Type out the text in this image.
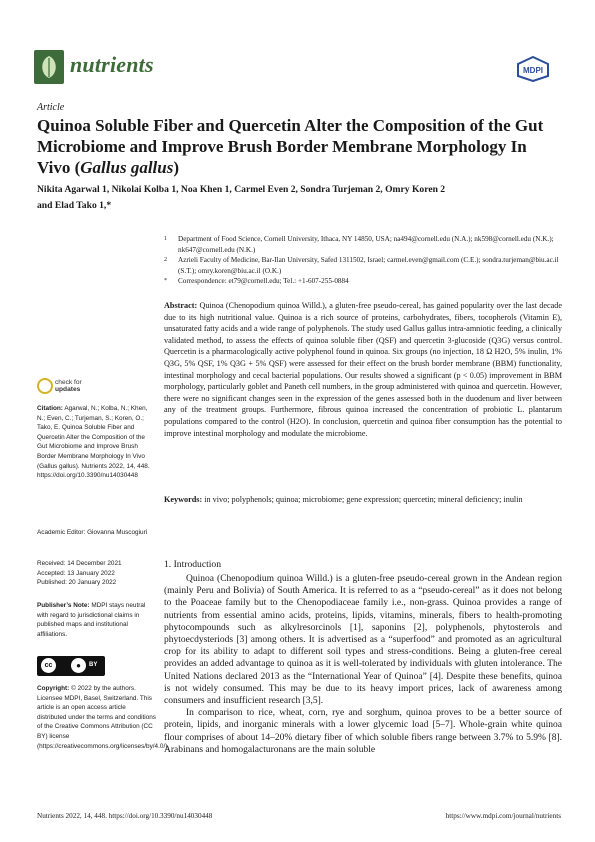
nutrients	MDPI
Article
Quinoa Soluble Fiber and Quercetin Alter the Composition of the Gut Microbiome and Improve Brush Border Membrane Morphology In Vivo (Gallus gallus)
Nikita Agarwal 1, Nikolai Kolba 1, Noa Khen 1, Carmel Even 2, Sondra Turjeman 2, Omry Koren 2
and Elad Tako 1,*
1 Department of Food Science, Cornell University, Ithaca, NY 14850, USA; na494@cornell.edu (N.A.); nk598@cornell.edu (N.K.); nk647@cornell.edu (N.K.)
2 Azrieli Faculty of Medicine, Bar-Ilan University, Safed 1311502, Israel; carmel.even@gmail.com (C.E.); sondra.turjeman@biu.ac.il (S.T.); omry.koren@biu.ac.il (O.K.)
* Correspondence: et79@cornell.edu; Tel.: +1-607-255-0884
Abstract: Quinoa (Chenopodium quinoa Willd.), a gluten-free pseudo-cereal, has gained popularity over the last decade due to its high nutritional value. Quinoa is a rich source of proteins, carbohydrates, fibers, tocopherols (Vitamin E), unsaturated fatty acids and a wide range of polyphenols. The study used Gallus gallus intra-amniotic feeding, a clinically validated method, to assess the effects of quinoa soluble fiber (QSF) and quercetin 3-glucoside (Q3G) versus control. Quercetin is a pharmacologically active polyphenol found in quinoa. Six groups (no injection, 18 Ω H2O, 5% inulin, 1% Q3G, 5% QSF, 1% Q3G + 5% QSF) were assessed for their effect on the brush border membrane (BBM) functionality, intestinal morphology and cecal bacterial populations. Our results showed a significant (p < 0.05) improvement in BBM morphology, particularly goblet and Paneth cell numbers, in the group administered with quinoa and quercetin. However, there were no significant changes seen in the expression of the genes assessed both in the duodenum and liver between any of the treatment groups. Furthermore, fibrous quinoa increased the concentration of probiotic L. plantarum populations compared to the control (H2O). In conclusion, quercetin and quinoa fiber consumption has the potential to improve intestinal morphology and modulate the microbiome.
Keywords: in vivo; polyphenols; quinoa; microbiome; gene expression; quercetin; mineral deficiency; inulin
check for
updates
Citation: Agarwal, N.; Kolba, N.; Khen, N.; Even, C.; Turjeman, S.; Koren, O.; Tako, E. Quinoa Soluble Fiber and Quercetin Alter the Composition of the Gut Microbiome and Improve Brush Border Membrane Morphology In Vivo (Gallus gallus). Nutrients 2022, 14, 448. https://doi.org/10.3390/nu14030448
Academic Editor: Giovanna Muscogiuri
Received: 14 December 2021
Accepted: 13 January 2022
Published: 20 January 2022
Publisher’s Note: MDPI stays neutral with regard to jurisdictional claims in published maps and institutional affiliations.
cc	●	BY
Copyright: © 2022 by the authors. Licensee MDPI, Basel, Switzerland. This article is an open access article distributed under the terms and conditions of the Creative Commons Attribution (CC BY) license (https://creativecommons.org/licenses/by/4.0/).
1. Introduction

Quinoa (Chenopodium quinoa Willd.) is a gluten-free pseudo-cereal grown in the Andean region (mainly Peru and Bolivia) of South America. It is referred to as a “pseudo-cereal” as it does not belong to the Poaceae family but to the Chenopodiaceae family i.e., non-grass. Quinoa provides a range of nutrients from essential amino acids, proteins, lipids, vitamins, minerals, fibers to health-promoting phytocompounds such as alkylresorcinols [1], saponins [2], polyphenols, phytosterols and phytoecdysteriods [3] among others. It is advertised as a “superfood” and promoted as an agricultural crop for its ability to adapt to different soil types and stress-conditions. Being a gluten-free cereal provides an added advantage to quinoa as it is well-tolerated by individuals with gluten intolerance. The United Nations declared 2013 as the “International Year of Quinoa” [4]. Despite these benefits, quinoa is not widely consumed. This may be due to its heavy import prices, lack of awareness among consumers and insufficient research [3,5].

In comparison to rice, wheat, corn, rye and sorghum, quinoa proves to be a better source of protein, lipids, and inorganic minerals with a lower glycemic load [5–7]. Whole-grain white quinoa flour comprises of about 14–20% dietary fiber of which soluble fibers range between 3.7% to 5.9% [8]. Arabinans and homogalacturonans are the main soluble

Nutrients 2022, 14, 448. https://doi.org/10.3390/nu14030448	https://www.mdpi.com/journal/nutrients
